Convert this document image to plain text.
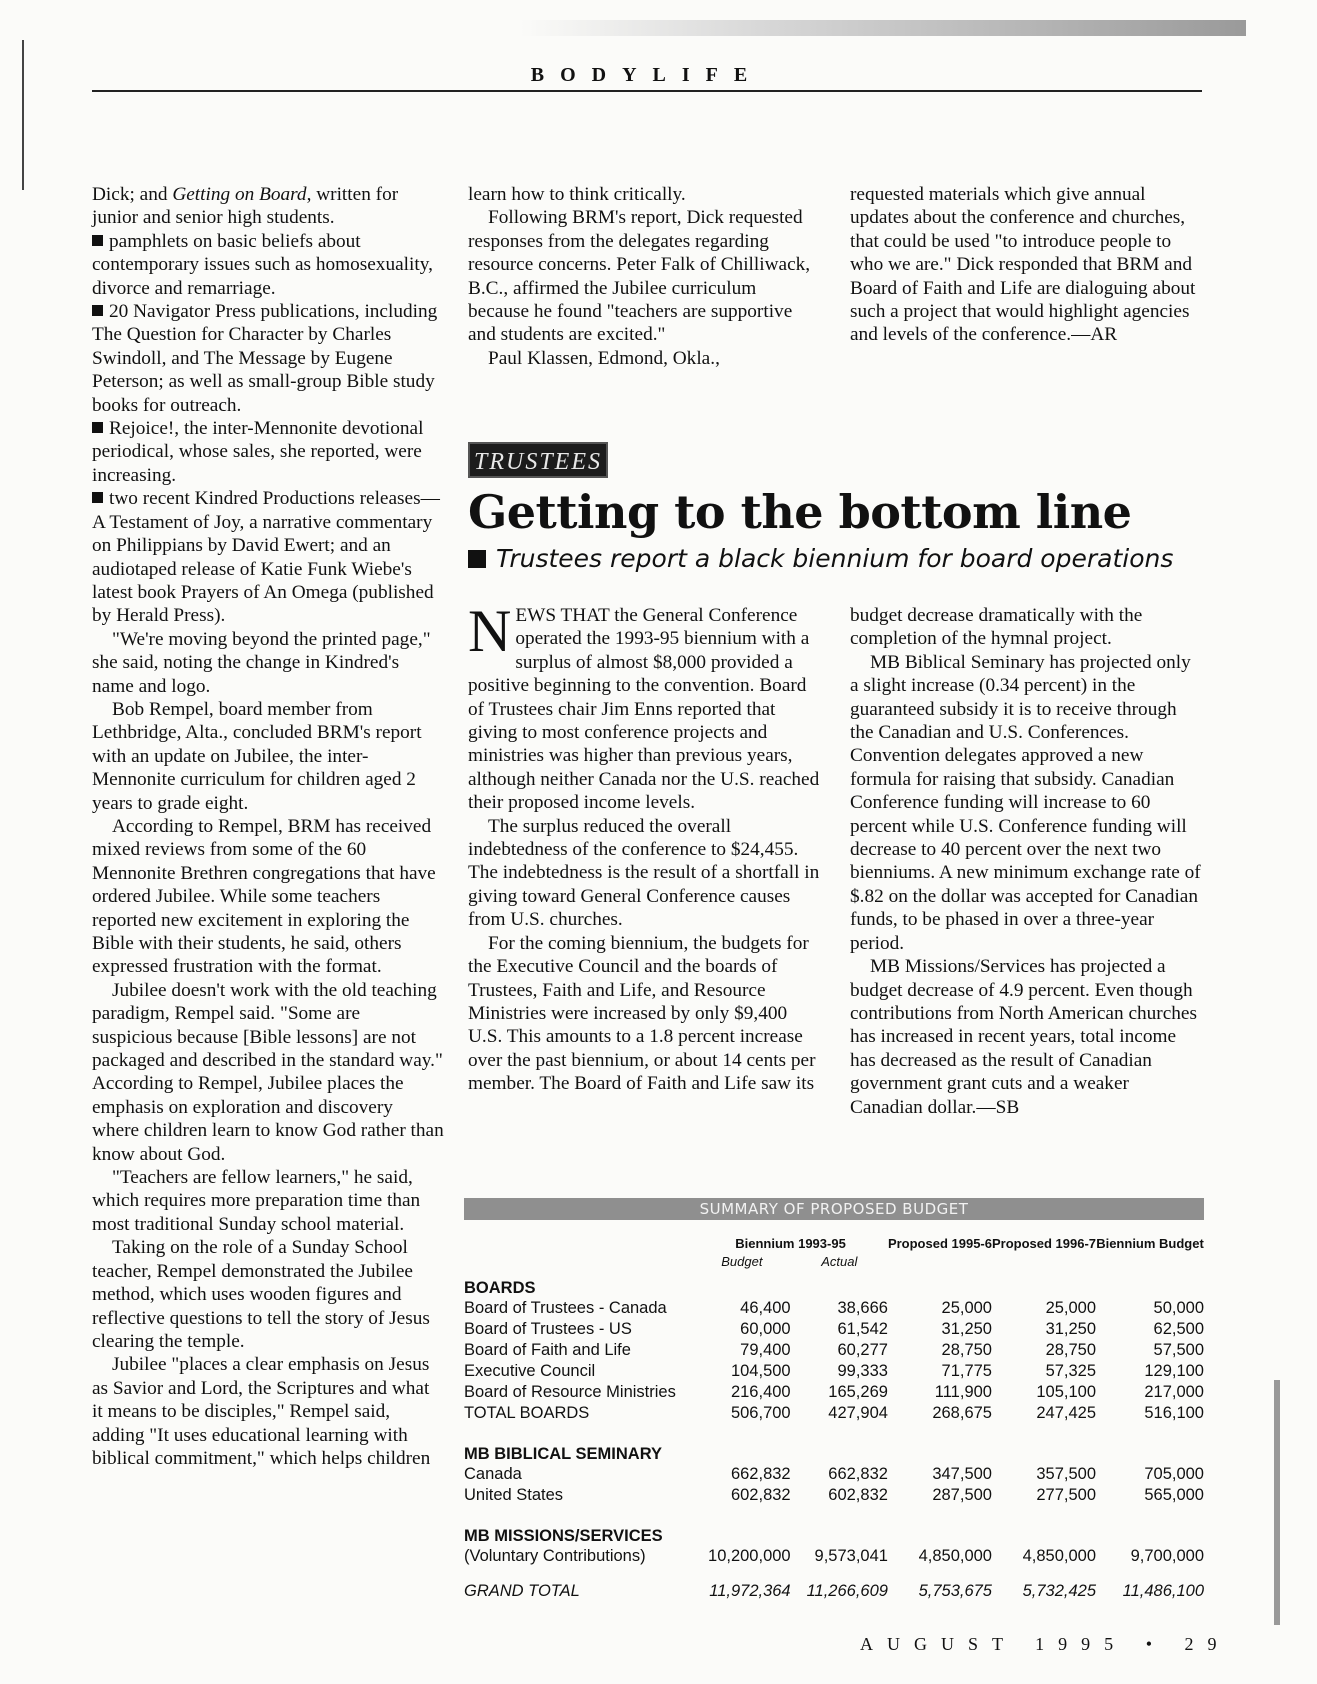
BODYLIFE

Dick; and Getting on Board, written for junior and senior high students.

pamphlets on basic beliefs about contemporary issues such as homosexuality, divorce and remarriage.

20 Navigator Press publications, including The Question for Character by Charles Swindoll, and The Message by Eugene Peterson; as well as small-group Bible study books for outreach.

Rejoice!, the inter-Mennonite devotional periodical, whose sales, she reported, were increasing.

two recent Kindred Productions releases—A Testament of Joy, a narrative commentary on Philippians by David Ewert; and an audiotaped release of Katie Funk Wiebe's latest book Prayers of An Omega (published by Herald Press).

"We're moving beyond the printed page," she said, noting the change in Kindred's name and logo.

Bob Rempel, board member from Lethbridge, Alta., concluded BRM's report with an update on Jubilee, the inter-Mennonite curriculum for children aged 2 years to grade eight.

According to Rempel, BRM has received mixed reviews from some of the 60 Mennonite Brethren congregations that have ordered Jubilee. While some teachers reported new excitement in exploring the Bible with their students, he said, others expressed frustration with the format.

Jubilee doesn't work with the old teaching paradigm, Rempel said. "Some are suspicious because [Bible lessons] are not packaged and described in the standard way." According to Rempel, Jubilee places the emphasis on exploration and discovery where children learn to know God rather than know about God.

"Teachers are fellow learners," he said, which requires more preparation time than most traditional Sunday school material.

Taking on the role of a Sunday School teacher, Rempel demonstrated the Jubilee method, which uses wooden figures and reflective questions to tell the story of Jesus clearing the temple.

Jubilee "places a clear emphasis on Jesus as Savior and Lord, the Scriptures and what it means to be disciples," Rempel said, adding "It uses educational learning with biblical commitment," which helps children

learn how to think critically.

Following BRM's report, Dick requested responses from the delegates regarding resource concerns. Peter Falk of Chilliwack, B.C., affirmed the Jubilee curriculum because he found "teachers are supportive and students are excited."

Paul Klassen, Edmond, Okla.,

requested materials which give annual updates about the conference and churches, that could be used "to introduce people to who we are." Dick responded that BRM and Board of Faith and Life are dialoguing about such a project that would highlight agencies and levels of the conference.—AR

TRUSTEES
Getting to the bottom line
Trustees report a black biennium for board operations

NEWS THAT the General Conference operated the 1993-95 biennium with a surplus of almost $8,000 provided a positive beginning to the convention. Board of Trustees chair Jim Enns reported that giving to most conference projects and ministries was higher than previous years, although neither Canada nor the U.S. reached their proposed income levels.

The surplus reduced the overall indebtedness of the conference to $24,455. The indebtedness is the result of a shortfall in giving toward General Conference causes from U.S. churches.

For the coming biennium, the budgets for the Executive Council and the boards of Trustees, Faith and Life, and Resource Ministries were increased by only $9,400 U.S. This amounts to a 1.8 percent increase over the past biennium, or about 14 cents per member. The Board of Faith and Life saw its

budget decrease dramatically with the completion of the hymnal project.

MB Biblical Seminary has projected only a slight increase (0.34 percent) in the guaranteed subsidy it is to receive through the Canadian and U.S. Conferences. Convention delegates approved a new formula for raising that subsidy. Canadian Conference funding will increase to 60 percent while U.S. Conference funding will decrease to 40 percent over the next two bienniums. A new minimum exchange rate of $.82 on the dollar was accepted for Canadian funds, to be phased in over a three-year period.

MB Missions/Services has projected a budget decrease of 4.9 percent. Even though contributions from North American churches has increased in recent years, total income has decreased as the result of Canadian government grant cuts and a weaker Canadian dollar.—SB

SUMMARY OF PROPOSED BUDGET
	Biennium 1993-95		Proposed 1995-6	Proposed 1996-7	Biennium Budget
	Budget	Actual			
BOARDS					
Board of Trustees - Canada	46,400	38,666	25,000	25,000	50,000
Board of Trustees - US	60,000	61,542	31,250	31,250	62,500
Board of Faith and Life	79,400	60,277	28,750	28,750	57,500
Executive Council	104,500	99,333	71,775	57,325	129,100
Board of Resource Ministries	216,400	165,269	111,900	105,100	217,000
TOTAL BOARDS	506,700	427,904	268,675	247,425	516,100

MB BIBLICAL SEMINARY					
Canada	662,832	662,832	347,500	357,500	705,000
United States	602,832	602,832	287,500	277,500	565,000

MB MISSIONS/SERVICES					
(Voluntary Contributions)	10,200,000	9,573,041	4,850,000	4,850,000	9,700,000

GRAND TOTAL	11,972,364	11,266,609	5,753,675	5,732,425	11,486,100
AUGUST 1995 • 29
